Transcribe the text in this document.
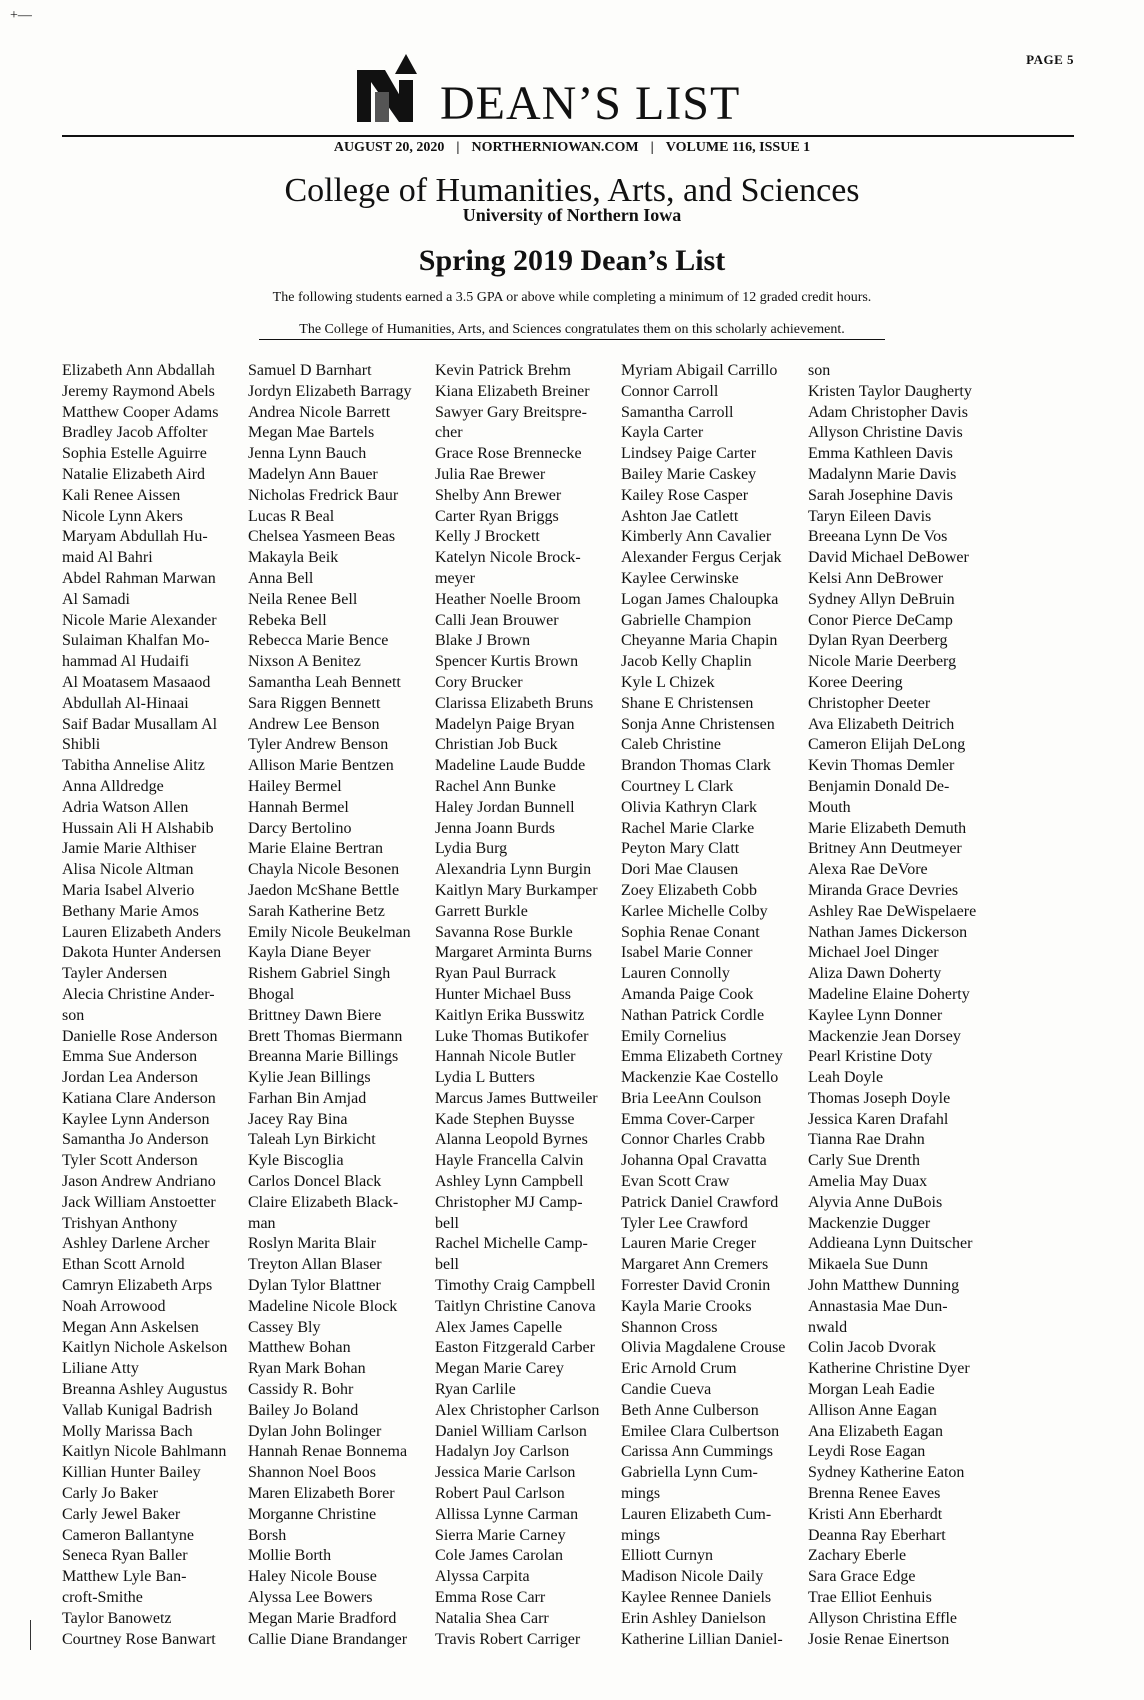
+—
PAGE 5
DEAN’S LIST
AUGUST 20, 2020 | NORTHERNIOWAN.COM | VOLUME 116, ISSUE 1
College of Humanities, Arts, and Sciences
University of Northern Iowa
Spring 2019 Dean’s List
The following students earned a 3.5 GPA or above while completing a minimum of 12 graded credit hours.
The College of Humanities, Arts, and Sciences congratulates them on this scholarly achievement.
Elizabeth Ann Abdallah
Jeremy Raymond Abels
Matthew Cooper Adams
Bradley Jacob Affolter
Sophia Estelle Aguirre
Natalie Elizabeth Aird
Kali Renee Aissen
Nicole Lynn Akers
Maryam Abdullah Hu-
maid Al Bahri
Abdel Rahman Marwan
Al Samadi
Nicole Marie Alexander
Sulaiman Khalfan Mo-
hammad Al Hudaifi
Al Moatasem Masaaod
Abdullah Al-Hinaai
Saif Badar Musallam Al
Shibli
Tabitha Annelise Alitz
Anna Alldredge
Adria Watson Allen
Hussain Ali H Alshabib
Jamie Marie Althiser
Alisa Nicole Altman
Maria Isabel Alverio
Bethany Marie Amos
Lauren Elizabeth Anders
Dakota Hunter Andersen
Tayler Andersen
Alecia Christine Ander-
son
Danielle Rose Anderson
Emma Sue Anderson
Jordan Lea Anderson
Katiana Clare Anderson
Kaylee Lynn Anderson
Samantha Jo Anderson
Tyler Scott Anderson
Jason Andrew Andriano
Jack William Anstoetter
Trishyan Anthony
Ashley Darlene Archer
Ethan Scott Arnold
Camryn Elizabeth Arps
Noah Arrowood
Megan Ann Askelsen
Kaitlyn Nichole Askelson
Liliane Atty
Breanna Ashley Augustus
Vallab Kunigal Badrish
Molly Marissa Bach
Kaitlyn Nicole Bahlmann
Killian Hunter Bailey
Carly Jo Baker
Carly Jewel Baker
Cameron Ballantyne
Seneca Ryan Baller
Matthew Lyle Ban-
croft-Smithe
Taylor Banowetz
Courtney Rose Banwart
Samuel D Barnhart
Jordyn Elizabeth Barragy
Andrea Nicole Barrett
Megan Mae Bartels
Jenna Lynn Bauch
Madelyn Ann Bauer
Nicholas Fredrick Baur
Lucas R Beal
Chelsea Yasmeen Beas
Makayla Beik
Anna Bell
Neila Renee Bell
Rebeka Bell
Rebecca Marie Bence
Nixson A Benitez
Samantha Leah Bennett
Sara Riggen Bennett
Andrew Lee Benson
Tyler Andrew Benson
Allison Marie Bentzen
Hailey Bermel
Hannah Bermel
Darcy Bertolino
Marie Elaine Bertran
Chayla Nicole Besonen
Jaedon McShane Bettle
Sarah Katherine Betz
Emily Nicole Beukelman
Kayla Diane Beyer
Rishem Gabriel Singh
Bhogal
Brittney Dawn Biere
Brett Thomas Biermann
Breanna Marie Billings
Kylie Jean Billings
Farhan Bin Amjad
Jacey Ray Bina
Taleah Lyn Birkicht
Kyle Biscoglia
Carlos Doncel Black
Claire Elizabeth Black-
man
Roslyn Marita Blair
Treyton Allan Blaser
Dylan Tylor Blattner
Madeline Nicole Block
Cassey Bly
Matthew Bohan
Ryan Mark Bohan
Cassidy R. Bohr
Bailey Jo Boland
Dylan John Bolinger
Hannah Renae Bonnema
Shannon Noel Boos
Maren Elizabeth Borer
Morganne Christine
Borsh
Mollie Borth
Haley Nicole Bouse
Alyssa Lee Bowers
Megan Marie Bradford
Callie Diane Brandanger
Kevin Patrick Brehm
Kiana Elizabeth Breiner
Sawyer Gary Breitspre-
cher
Grace Rose Brennecke
Julia Rae Brewer
Shelby Ann Brewer
Carter Ryan Briggs
Kelly J Brockett
Katelyn Nicole Brock-
meyer
Heather Noelle Broom
Calli Jean Brouwer
Blake J Brown
Spencer Kurtis Brown
Cory Brucker
Clarissa Elizabeth Bruns
Madelyn Paige Bryan
Christian Job Buck
Madeline Laude Budde
Rachel Ann Bunke
Haley Jordan Bunnell
Jenna Joann Burds
Lydia Burg
Alexandria Lynn Burgin
Kaitlyn Mary Burkamper
Garrett Burkle
Savanna Rose Burkle
Margaret Arminta Burns
Ryan Paul Burrack
Hunter Michael Buss
Kaitlyn Erika Busswitz
Luke Thomas Butikofer
Hannah Nicole Butler
Lydia L Butters
Marcus James Buttweiler
Kade Stephen Buysse
Alanna Leopold Byrnes
Hayle Francella Calvin
Ashley Lynn Campbell
Christopher MJ Camp-
bell
Rachel Michelle Camp-
bell
Timothy Craig Campbell
Taitlyn Christine Canova
Alex James Capelle
Easton Fitzgerald Carber
Megan Marie Carey
Ryan Carlile
Alex Christopher Carlson
Daniel William Carlson
Hadalyn Joy Carlson
Jessica Marie Carlson
Robert Paul Carlson
Allissa Lynne Carman
Sierra Marie Carney
Cole James Carolan
Alyssa Carpita
Emma Rose Carr
Natalia Shea Carr
Travis Robert Carriger
Myriam Abigail Carrillo
Connor Carroll
Samantha Carroll
Kayla Carter
Lindsey Paige Carter
Bailey Marie Caskey
Kailey Rose Casper
Ashton Jae Catlett
Kimberly Ann Cavalier
Alexander Fergus Cerjak
Kaylee Cerwinske
Logan James Chaloupka
Gabrielle Champion
Cheyanne Maria Chapin
Jacob Kelly Chaplin
Kyle L Chizek
Shane E Christensen
Sonja Anne Christensen
Caleb Christine
Brandon Thomas Clark
Courtney L Clark
Olivia Kathryn Clark
Rachel Marie Clarke
Peyton Mary Clatt
Dori Mae Clausen
Zoey Elizabeth Cobb
Karlee Michelle Colby
Sophia Renae Conant
Isabel Marie Conner
Lauren Connolly
Amanda Paige Cook
Nathan Patrick Cordle
Emily Cornelius
Emma Elizabeth Cortney
Mackenzie Kae Costello
Bria LeeAnn Coulson
Emma Cover-Carper
Connor Charles Crabb
Johanna Opal Cravatta
Evan Scott Craw
Patrick Daniel Crawford
Tyler Lee Crawford
Lauren Marie Creger
Margaret Ann Cremers
Forrester David Cronin
Kayla Marie Crooks
Shannon Cross
Olivia Magdalene Crouse
Eric Arnold Crum
Candie Cueva
Beth Anne Culberson
Emilee Clara Culbertson
Carissa Ann Cummings
Gabriella Lynn Cum-
mings
Lauren Elizabeth Cum-
mings
Elliott Curnyn
Madison Nicole Daily
Kaylee Rennee Daniels
Erin Ashley Danielson
Katherine Lillian Daniel-
son
Kristen Taylor Daugherty
Adam Christopher Davis
Allyson Christine Davis
Emma Kathleen Davis
Madalynn Marie Davis
Sarah Josephine Davis
Taryn Eileen Davis
Breeana Lynn De Vos
David Michael DeBower
Kelsi Ann DeBrower
Sydney Allyn DeBruin
Conor Pierce DeCamp
Dylan Ryan Deerberg
Nicole Marie Deerberg
Koree Deering
Christopher Deeter
Ava Elizabeth Deitrich
Cameron Elijah DeLong
Kevin Thomas Demler
Benjamin Donald De-
Mouth
Marie Elizabeth Demuth
Britney Ann Deutmeyer
Alexa Rae DeVore
Miranda Grace Devries
Ashley Rae DeWispelaere
Nathan James Dickerson
Michael Joel Dinger
Aliza Dawn Doherty
Madeline Elaine Doherty
Kaylee Lynn Donner
Mackenzie Jean Dorsey
Pearl Kristine Doty
Leah Doyle
Thomas Joseph Doyle
Jessica Karen Drafahl
Tianna Rae Drahn
Carly Sue Drenth
Amelia May Duax
Alyvia Anne DuBois
Mackenzie Dugger
Addieana Lynn Duitscher
Mikaela Sue Dunn
John Matthew Dunning
Annastasia Mae Dun-
nwald
Colin Jacob Dvorak
Katherine Christine Dyer
Morgan Leah Eadie
Allison Anne Eagan
Ana Elizabeth Eagan
Leydi Rose Eagan
Sydney Katherine Eaton
Brenna Renee Eaves
Kristi Ann Eberhardt
Deanna Ray Eberhart
Zachary Eberle
Sara Grace Edge
Trae Elliot Eenhuis
Allyson Christina Effle
Josie Renae Einertson
